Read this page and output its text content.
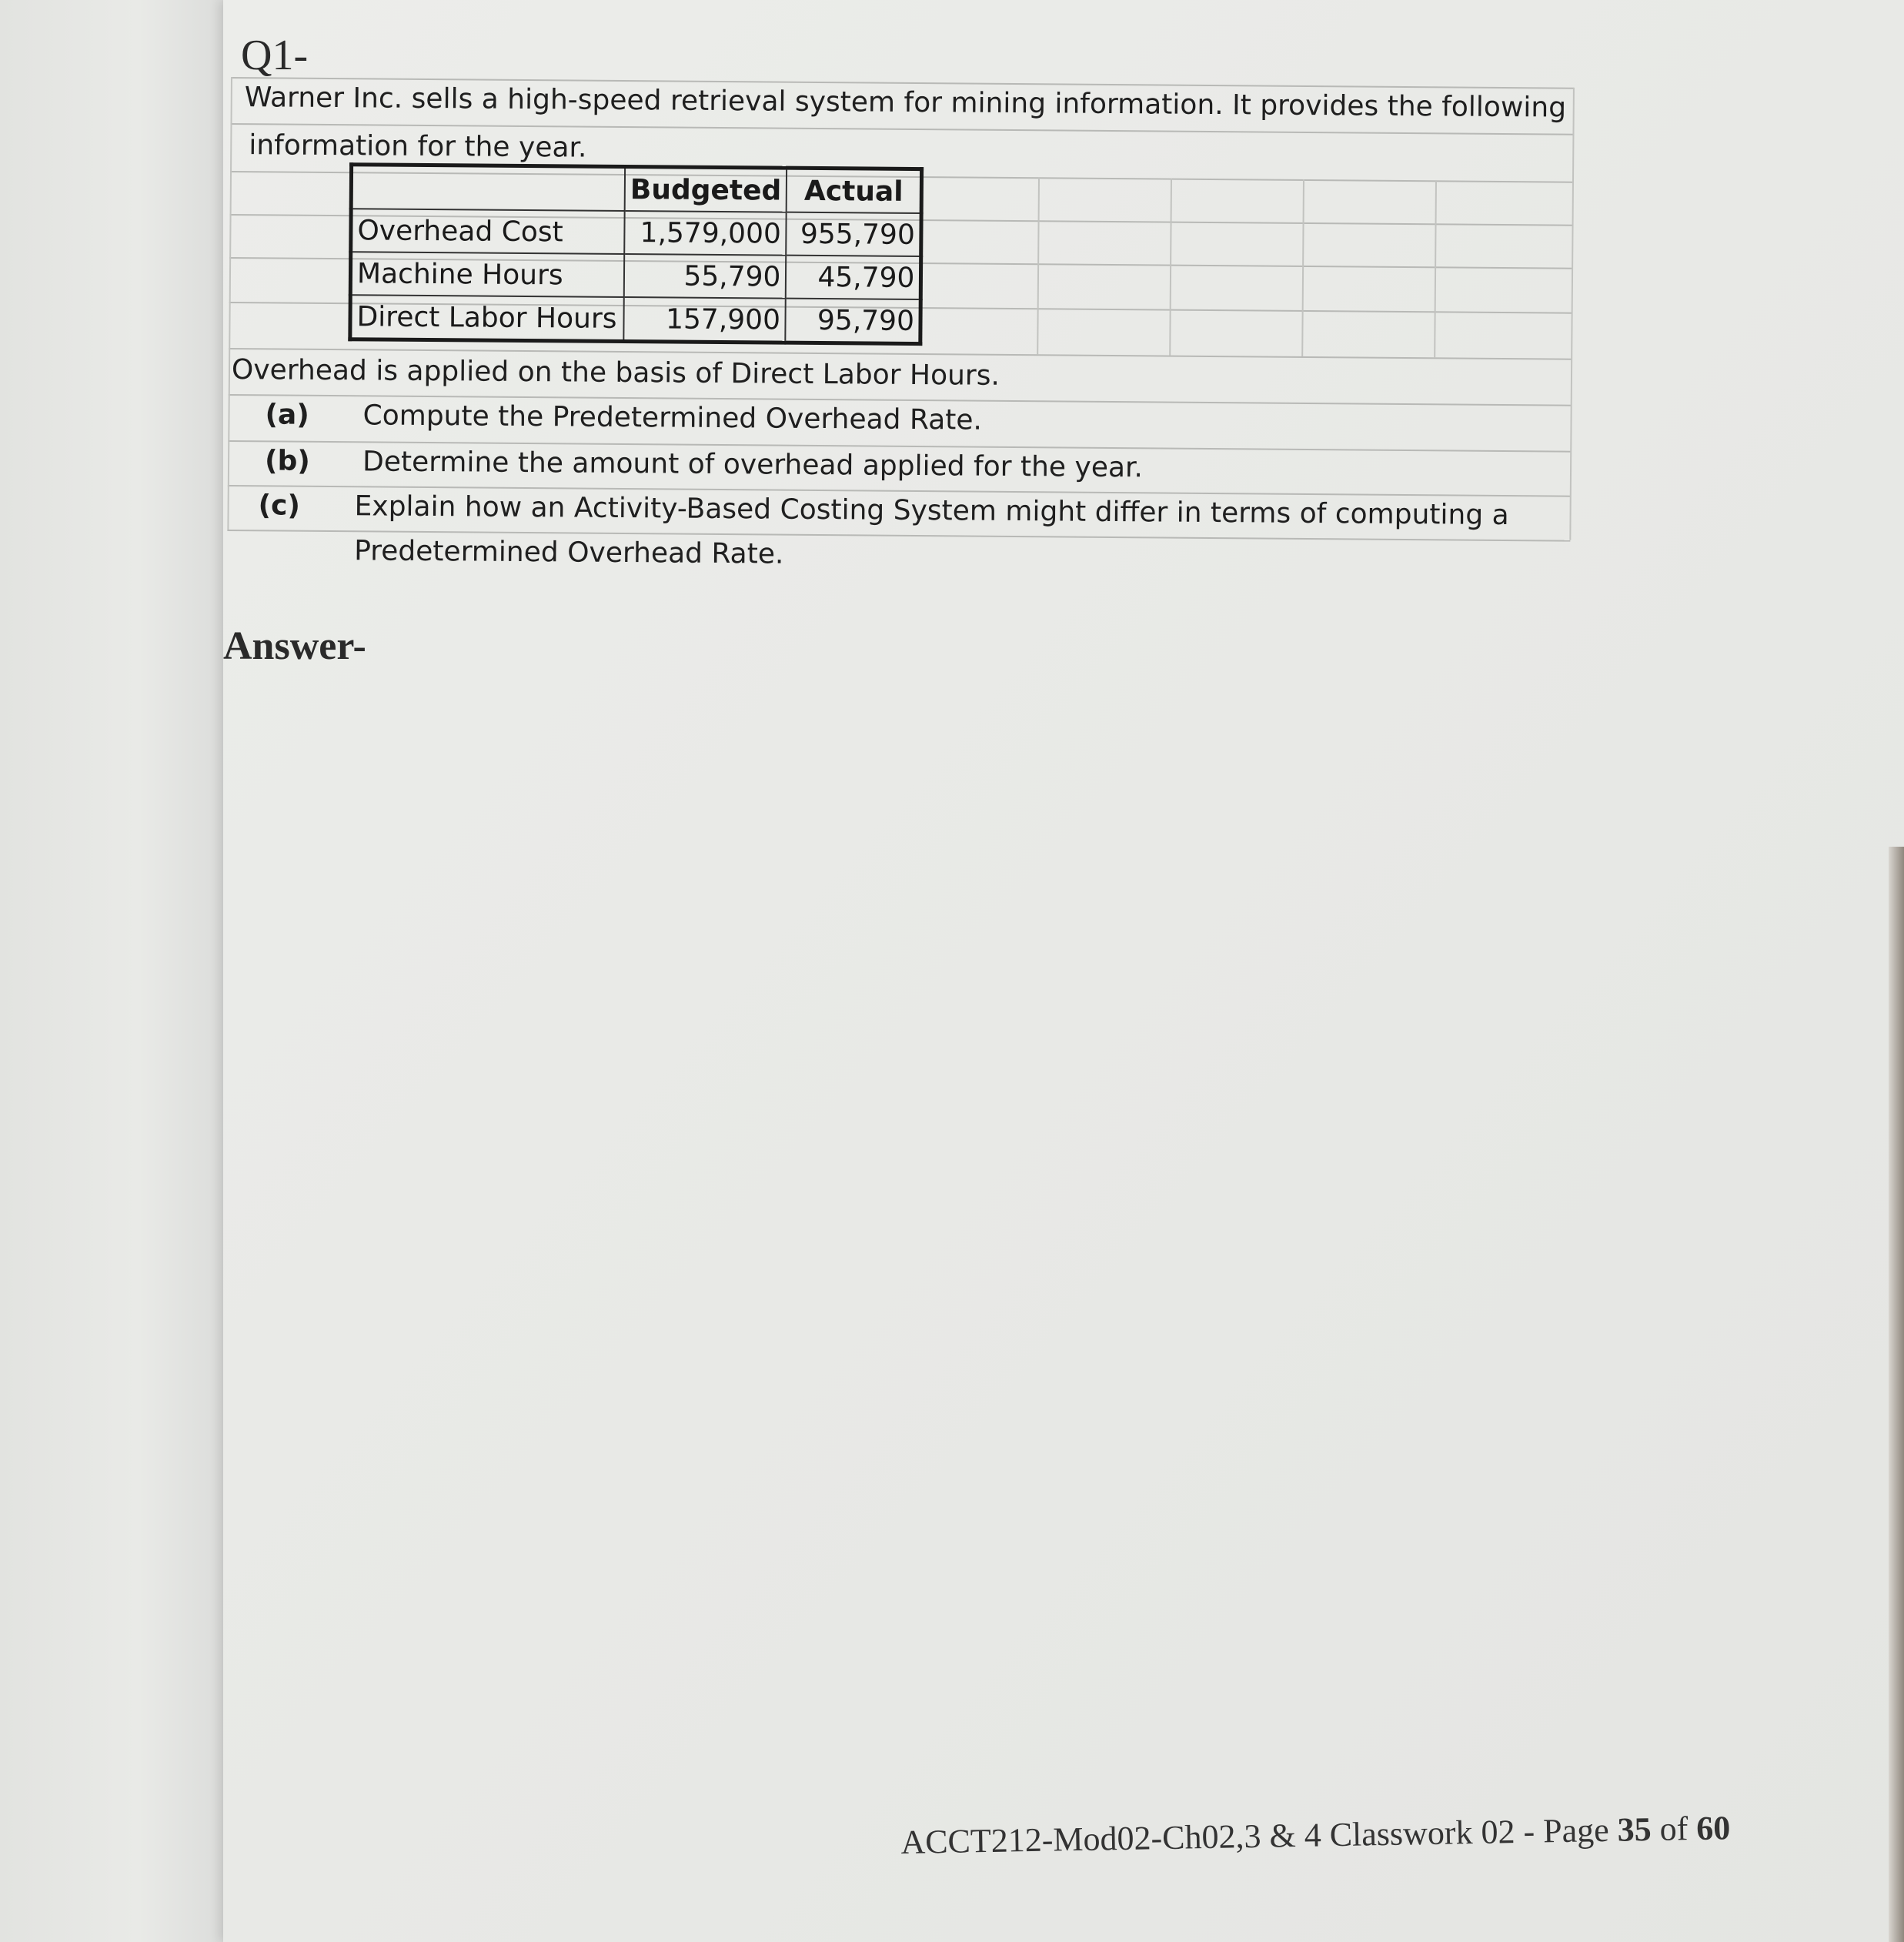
Q1-
Warner Inc. sells a high-speed retrieval system for mining information. It provides the following
information for the year.
	Budgeted	Actual
Overhead Cost	1,579,000	955,790
Machine Hours	55,790	45,790
Direct Labor Hours	157,900	95,790
Overhead is applied on the basis of Direct Labor Hours.
(a) Compute the Predetermined Overhead Rate.
(b) Determine the amount of overhead applied for the year.
(c) Explain how an Activity-Based Costing System might differ in terms of computing a
Predetermined Overhead Rate.
Answer-
ACCT212-Mod02-Ch02,3 & 4 Classwork 02 - Page 35 of 60
